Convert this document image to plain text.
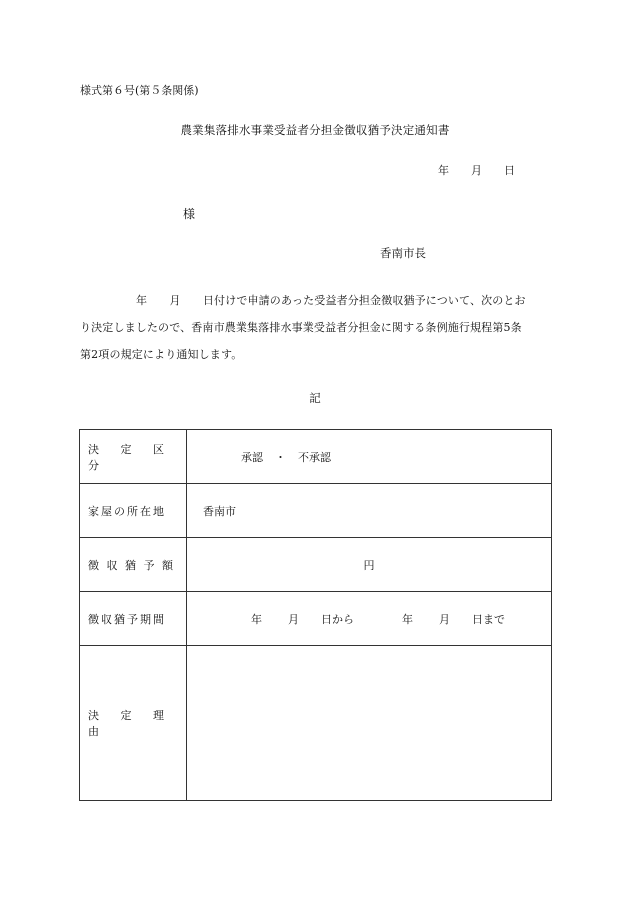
様式第６号(第５条関係)
農業集落排水事業受益者分担金徴収猶予決定通知書
年 月 日
様
香南市長
年　　月　　日付けで申請のあった受益者分担金徴収猶予について、次のとお
り決定しましたので、香南市農業集落排水事業受益者分担金に関する条例施行規程第5条
第2項の規定により通知します。
記
決 定 区 分	承認 ・ 不承認
家屋の所在地	香南市
徴 収 猶 予 額	円
徴収猶予期間	年 月 日から 年 月 日まで
決 定 理 由	
